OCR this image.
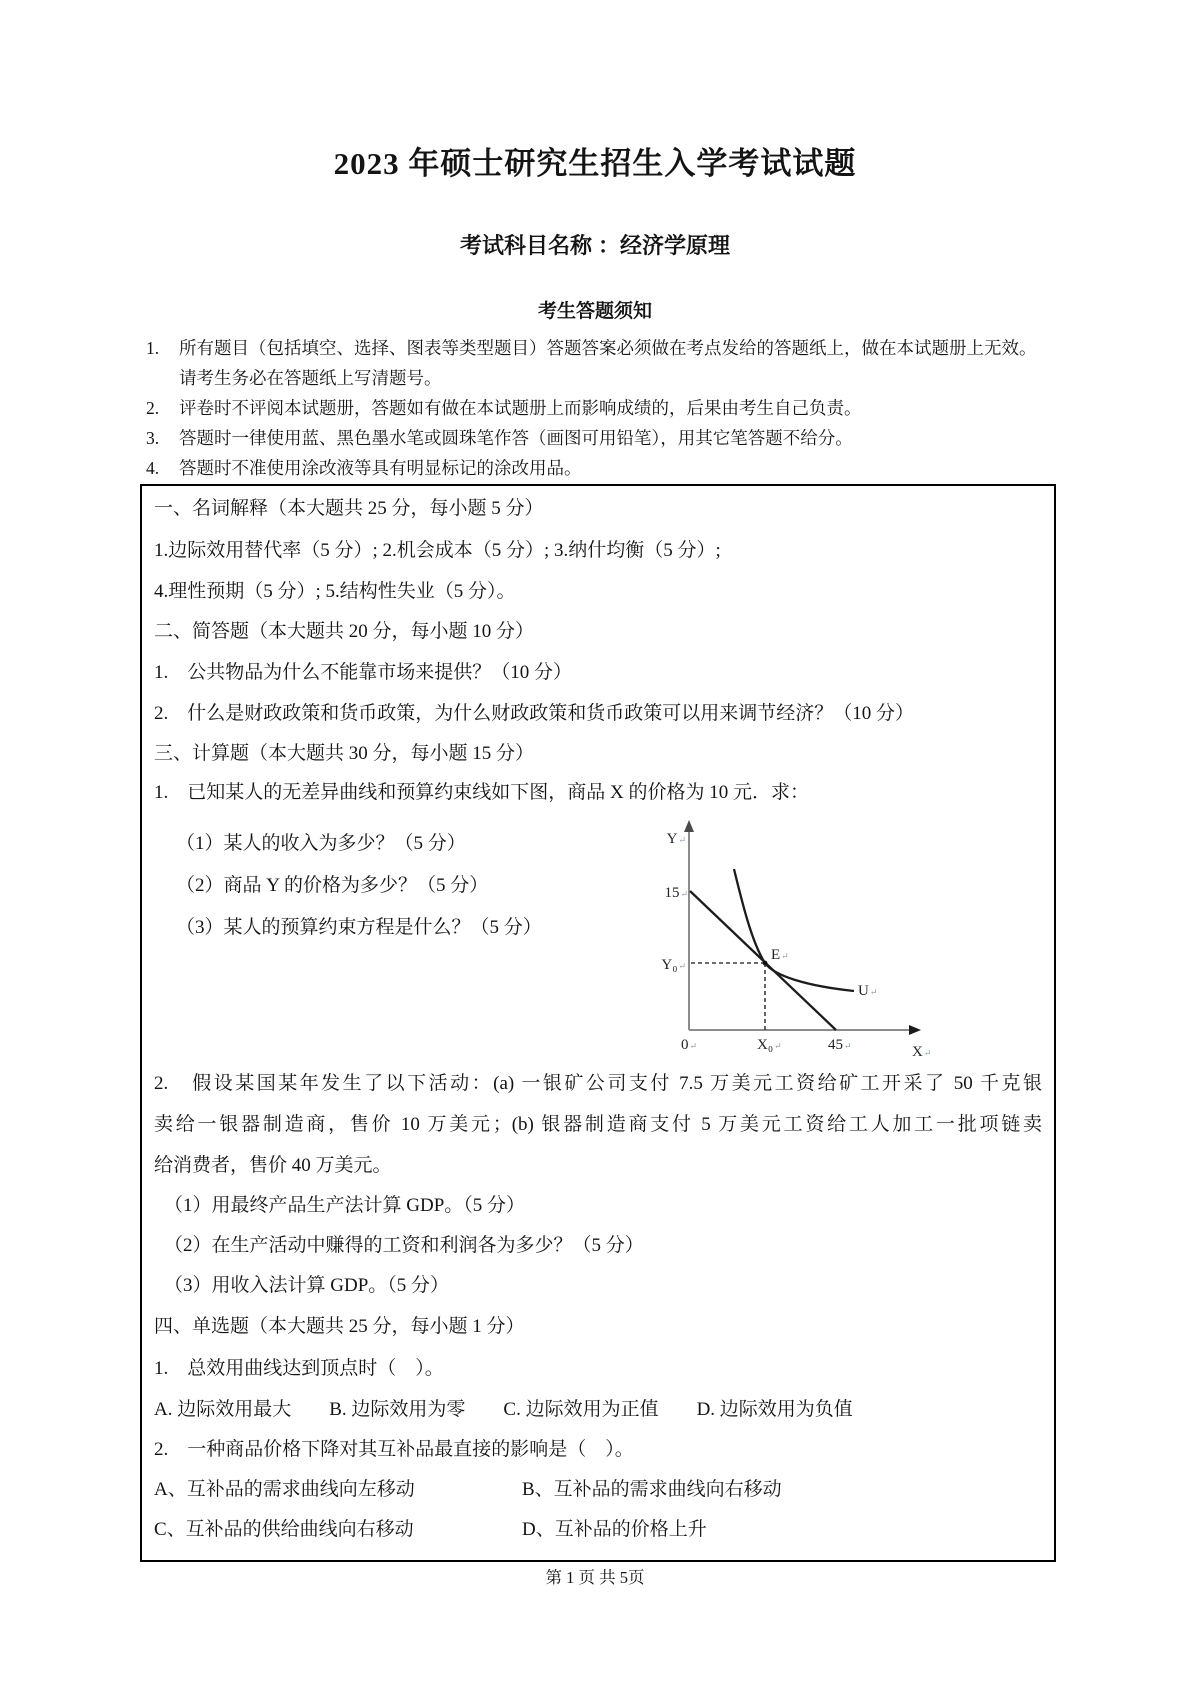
2023 年硕士研究生招生入学考试试题
考试科目名称 ：经济学原理
考生答题须知
1.	所有题目（包括填空、选择、图表等类型题目）答题答案必须做在考点发给的答题纸上，做在本试题册上无效。
请考生务必在答题纸上写清题号。
2.	评卷时不评阅本试题册，答题如有做在本试题册上而影响成绩的，后果由考生自己负责。
3.	答题时一律使用蓝、黑色墨水笔或圆珠笔作答（画图可用铅笔），用其它笔答题不给分。
4.	答题时不准使用涂改液等具有明显标记的涂改用品。

一、名词解释（本大题共 25 分，每小题 5 分）

1.边际效用替代率（5 分）; 2.机会成本（5 分）; 3.纳什均衡（5 分）;

4.理性预期（5 分）; 5.结构性失业（5 分）。

二、简答题（本大题共 20 分，每小题 10 分）

1.　公共物品为什么不能靠市场来提供？（10 分）

2.　什么是财政政策和货币政策，为什么财政政策和货币政策可以用来调节经济？（10 分）

三、计算题（本大题共 30 分，每小题 15 分）

1.　已知某人的无差异曲线和预算约束线如下图，商品 X 的价格为 10 元．求：

（1）某人的收入为多少？（5 分）

（2）商品 Y 的价格为多少？（5 分）

（3）某人的预算约束方程是什么？（5 分）

Y↵
15↵
Y₀↵
E↵
U↵
0↵	X₀↵	45↵	X↵

2.　假设某国某年发生了以下活动：(a) 一银矿公司支付 7.5 万美元工资给矿工开采了 50 千克银

卖给一银器制造商，售价 10 万美元；(b) 银器制造商支付 5 万美元工资给工人加工一批项链卖

给消费者，售价 40 万美元。

（1）用最终产品生产法计算 GDP。（5 分）

（2）在生产活动中赚得的工资和利润各为多少？（5 分）

（3）用收入法计算 GDP。（5 分）

四、单选题（本大题共 25 分，每小题 1 分）

1.　总效用曲线达到顶点时（　）。

A. 边际效用最大　　B. 边际效用为零　　C. 边际效用为正值　　D. 边际效用为负值

2.　一种商品价格下降对其互补品最直接的影响是（　）。

A、互补品的需求曲线向左移动	B、互补品的需求曲线向右移动

C、互补品的供给曲线向右移动	D、互补品的价格上升

第 1 页 共 5页
